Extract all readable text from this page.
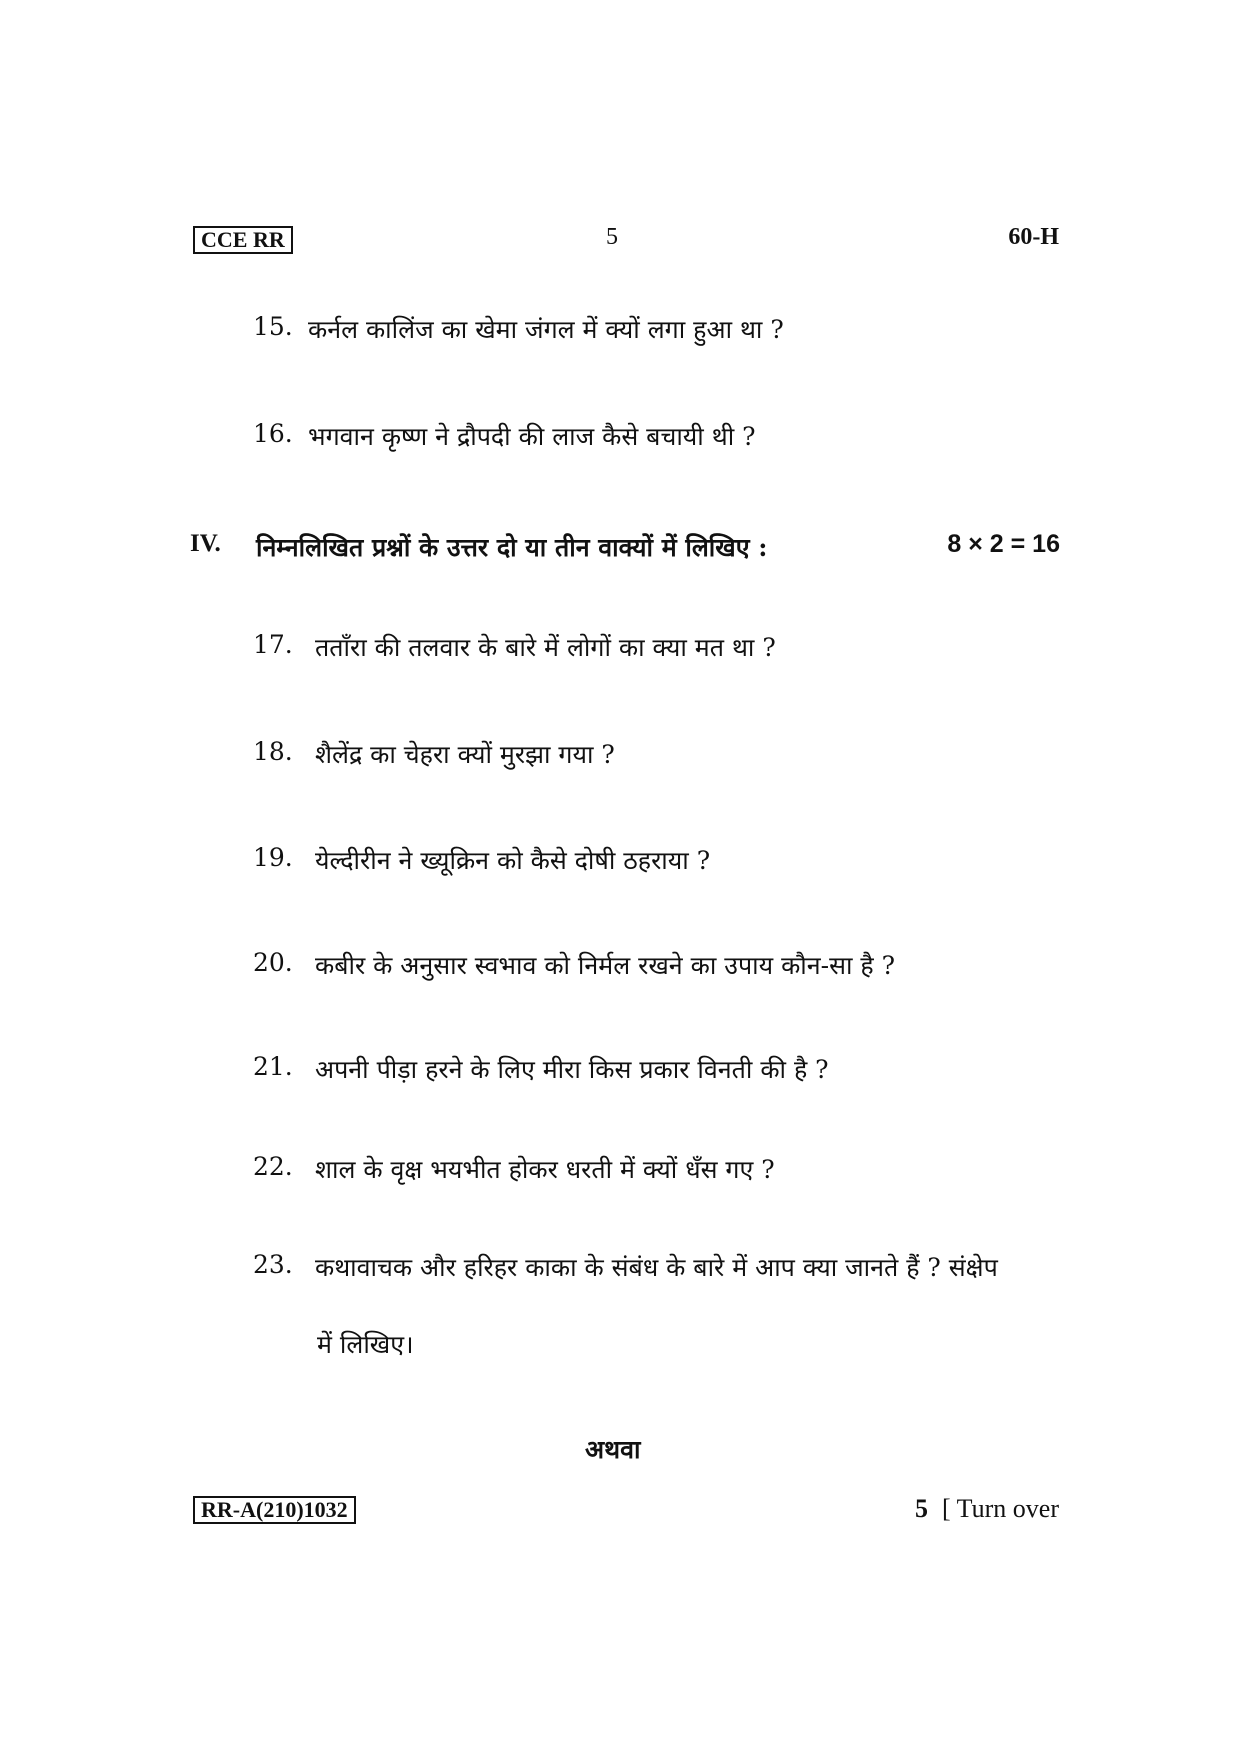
CCE RR	5	60-H
15. कर्नल कालिंज का खेमा जंगल में क्यों लगा हुआ था ?
16. भगवान कृष्ण ने द्रौपदी की लाज कैसे बचायी थी ?
IV. निम्नलिखित प्रश्नों के उत्तर दो या तीन वाक्यों में लिखिए :	8 × 2 = 16
17. तताँरा की तलवार के बारे में लोगों का क्या मत था ?
18. शैलेंद्र का चेहरा क्यों मुरझा गया ?
19. येल्दीरीन ने ख्यूक्रिन को कैसे दोषी ठहराया ?
20. कबीर के अनुसार स्वभाव को निर्मल रखने का उपाय कौन-सा है ?
21. अपनी पीड़ा हरने के लिए मीरा किस प्रकार विनती की है ?
22. शाल के वृक्ष भयभीत होकर धरती में क्यों धँस गए ?
23. कथावाचक और हरिहर काका के संबंध के बारे में आप क्या जानते हैं ? संक्षेप
में लिखिए।
अथवा
RR-A(210)1032	5 [ Turn over
